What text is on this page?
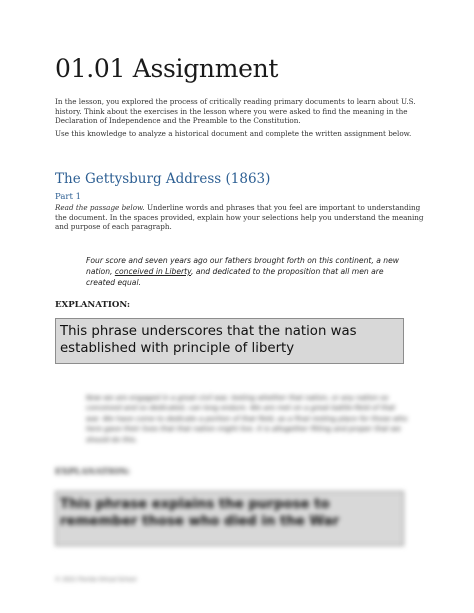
01.01 Assignment
In the lesson, you explored the process of critically reading primary documents to learn about U.S. history. Think about the exercises in the lesson where you were asked to find the meaning in the Declaration of Independence and the Preamble to the Constitution.
Use this knowledge to analyze a historical document and complete the written assignment below.
The Gettysburg Address (1863)
Part 1
Read the passage below. Underline words and phrases that you feel are important to understanding the document. In the spaces provided, explain how your selections help you understand the meaning and purpose of each paragraph.
Four score and seven years ago our fathers brought forth on this continent, a new nation, conceived in Liberty, and dedicated to the proposition that all men are created equal.
EXPLANATION:
This phrase underscores that the nation was established with principle of liberty
Now we are engaged in a great civil war, testing whether that nation, or any nation so conceived and so dedicated, can long endure. We are met on a great battle-field of that war. We have come to dedicate a portion of that field, as a final resting place for those who here gave their lives that that nation might live. It is altogether fitting and proper that we should do this.
EXPLANATION:
This phrase explains the purpose to remember those who died in the War
© 2021 Florida Virtual School
